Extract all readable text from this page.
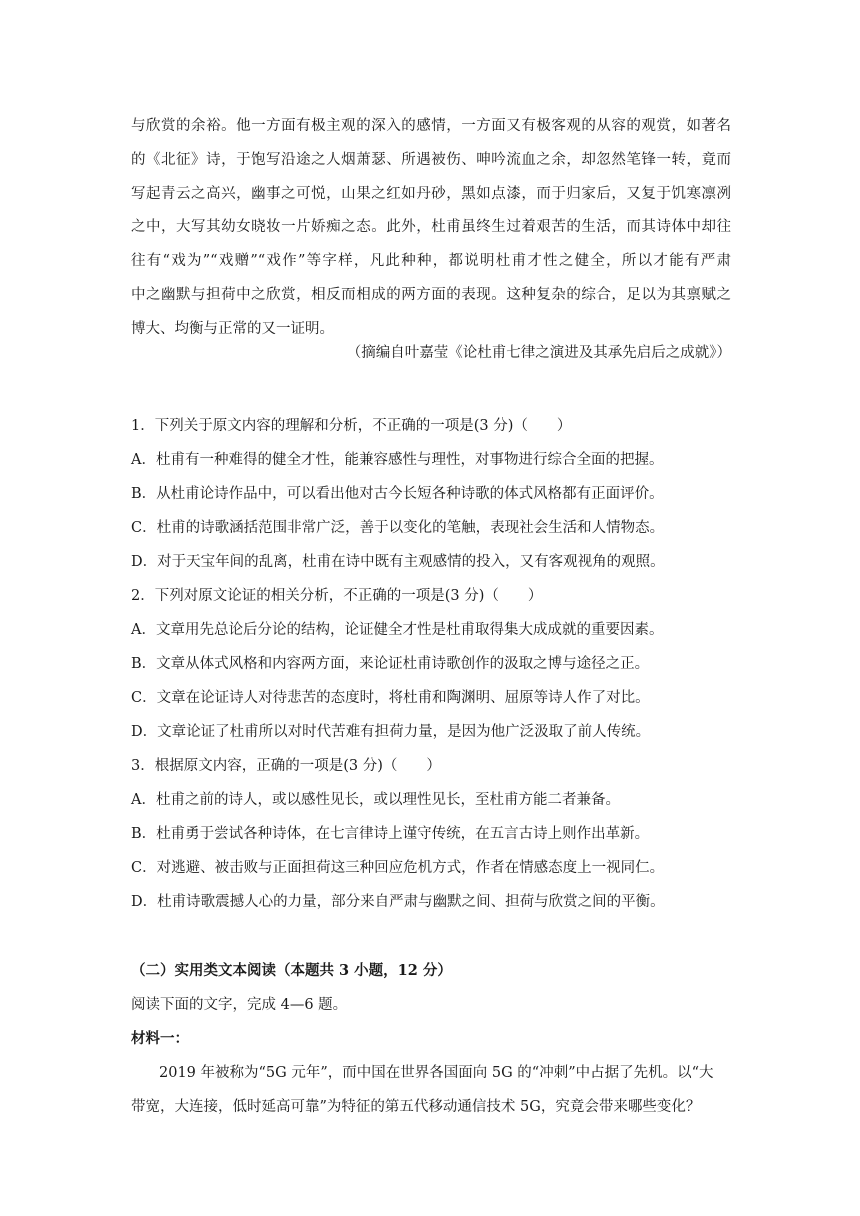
与欣赏的余裕。他一方面有极主观的深入的感情，一方面又有极客观的从容的观赏，如著名
的《北征》诗，于饱写沿途之人烟萧瑟、所遇被伤、呻吟流血之余，却忽然笔锋一转，竟而
写起青云之高兴，幽事之可悦，山果之红如丹砂，黑如点漆，而于归家后，又复于饥寒凛冽
之中，大写其幼女晓妆一片娇痴之态。此外，杜甫虽终生过着艰苦的生活，而其诗体中却往
往有“戏为”“戏赠”“戏作”等字样，凡此种种，都说明杜甫才性之健全，所以才能有严肃
中之幽默与担荷中之欣赏，相反而相成的两方面的表现。这种复杂的综合，足以为其禀赋之
博大、均衡与正常的又一证明。
（摘编自叶嘉莹《论杜甫七律之演进及其承先启后之成就》）
1．下列关于原文内容的理解和分析，不正确的一项是(3 分)（　　）
A．杜甫有一种难得的健全才性，能兼容感性与理性，对事物进行综合全面的把握。
B．从杜甫论诗作品中，可以看出他对古今长短各种诗歌的体式风格都有正面评价。
C．杜甫的诗歌涵括范围非常广泛，善于以变化的笔触，表现社会生活和人情物态。
D．对于天宝年间的乱离，杜甫在诗中既有主观感情的投入，又有客观视角的观照。
2．下列对原文论证的相关分析，不正确的一项是(3 分)（　　）
A．文章用先总论后分论的结构，论证健全才性是杜甫取得集大成成就的重要因素。
B．文章从体式风格和内容两方面，来论证杜甫诗歌创作的汲取之博与途径之正。
C．文章在论证诗人对待悲苦的态度时，将杜甫和陶渊明、屈原等诗人作了对比。
D．文章论证了杜甫所以对时代苦难有担荷力量，是因为他广泛汲取了前人传统。
3．根据原文内容，正确的一项是(3 分)（　　）
A．杜甫之前的诗人，或以感性见长，或以理性见长，至杜甫方能二者兼备。
B．杜甫勇于尝试各种诗体，在七言律诗上谨守传统，在五言古诗上则作出革新。
C．对逃避、被击败与正面担荷这三种回应危机方式，作者在情感态度上一视同仁。
D．杜甫诗歌震撼人心的力量，部分来自严肃与幽默之间、担荷与欣赏之间的平衡。
（二）实用类文本阅读（本题共 3 小题，12 分）
阅读下面的文字，完成 4—6 题。
材料一：
2019 年被称为“5G 元年”，而中国在世界各国面向 5G 的“冲刺”中占据了先机。以“大
带宽，大连接，低时延高可靠”为特征的第五代移动通信技术 5G，究竟会带来哪些变化？
